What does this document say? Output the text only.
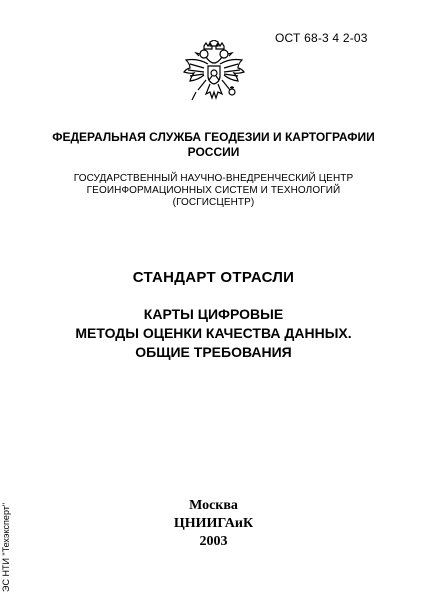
ОСТ 68-3 4 2-03
ФЕДЕРАЛЬНАЯ СЛУЖБА ГЕОДЕЗИИ И КАРТОГРАФИИ
РОССИИ
ГОСУДАРСТВЕННЫЙ НАУЧНО-ВНЕДРЕНЧЕСКИЙ ЦЕНТР
ГЕОИНФОРМАЦИОННЫХ СИСТЕМ И ТЕХНОЛОГИЙ
(ГОСГИСЦЕНТР)
СТАНДАРТ ОТРАСЛИ
КАРТЫ ЦИФРОВЫЕ
МЕТОДЫ ОЦЕНКИ КАЧЕСТВА ДАННЫХ.
ОБЩИЕ ТРЕБОВАНИЯ
Москва
ЦНИИГАиК
2003
ЭС НТИ "Техэксперт"
